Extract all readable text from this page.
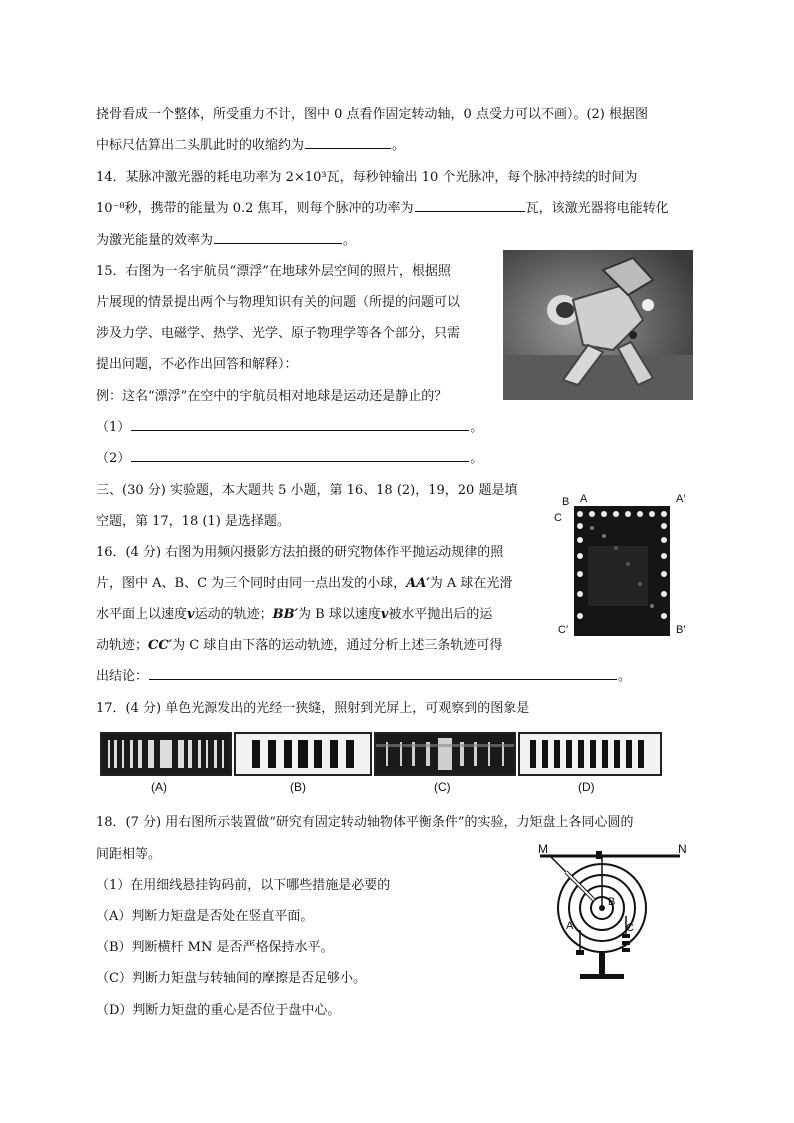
挠骨看成一个整体，所受重力不计，图中 0 点看作固定转动轴，0 点受力可以不画）。(2) 根据图
中标尺估算出二头肌此时的收缩约为	。
14．某脉冲激光器的耗电功率为 2×10³瓦，每秒钟输出 10 个光脉冲，每个脉冲持续的时间为
10⁻⁸秒，携带的能量为 0.2 焦耳，则每个脉冲的功率为	瓦，该激光器将电能转化
为激光能量的效率为	。
15．右图为一名宇航员“漂浮”在地球外层空间的照片，根据照
片展现的情景提出两个与物理知识有关的问题（所提的问题可以
涉及力学、电磁学、热学、光学、原子物理学等各个部分，只需
提出问题，不必作出回答和解释）：
例：这名“漂浮”在空中的宇航员相对地球是运动还是静止的？
（1）	。
（2）	。
三、(30 分) 实验题，本大题共 5 小题，第 16、18 (2)，19，20 题是填
空题，第 17，18 (1) 是选择题。
16．(4 分) 右图为用频闪摄影方法拍摄的研究物体作平抛运动规律的照
片，图中 A、B、C 为三个同时由同一点出发的小球，AA′为 A 球在光滑
水平面上以速度v运动的轨迹；BB′为 B 球以速度v被水平抛出后的运
动轨迹；CC′为 C 球自由下落的运动轨迹，通过分析上述三条轨迹可得
出结论：	。
B A	A′
C
C′	B′
17．(4 分) 单色光源发出的光经一狭缝，照射到光屏上，可观察到的图象是
(A)	(B)	(C)	(D)
18．(7 分) 用右图所示装置做“研究有固定转动轴物体平衡条件”的实验，力矩盘上各同心圆的
间距相等。
（1）在用细线悬挂钩码前，以下哪些措施是必要的
（A）判断力矩盘是否处在竖直平面。
（B）判断横杆 MN 是否严格保持水平。
（C）判断力矩盘与转轴间的摩擦是否足够小。
（D）判断力矩盘的重心是否位于盘中心。
M	N
A
B
C
